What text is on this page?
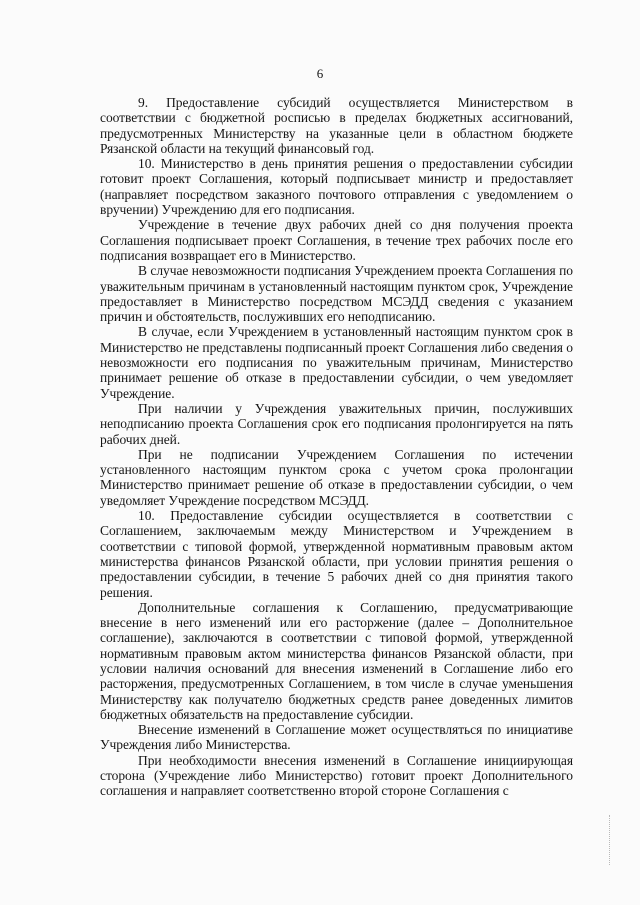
6

9. Предоставление субсидий осуществляется Министерством в соответствии с бюджетной росписью в пределах бюджетных ассигнований, предусмотренных Министерству на указанные цели в областном бюджете Рязанской области на текущий финансовый год.

10. Министерство в день принятия решения о предоставлении субсидии готовит проект Соглашения, который подписывает министр и предоставляет (направляет посредством заказного почтового отправления с уведомлением о вручении) Учреждению для его подписания.

Учреждение в течение двух рабочих дней со дня получения проекта Соглашения подписывает проект Соглашения, в течение трех рабочих после его подписания возвращает его в Министерство.

В случае невозможности подписания Учреждением проекта Соглашения по уважительным причинам в установленный настоящим пунктом срок, Учреждение предоставляет в Министерство посредством МСЭДД сведения с указанием причин и обстоятельств, послуживших его неподписанию.

В случае, если Учреждением в установленный настоящим пунктом срок в Министерство не представлены подписанный проект Соглашения либо сведения о невозможности его подписания по уважительным причинам, Министерство принимает решение об отказе в предоставлении субсидии, о чем уведомляет Учреждение.

При наличии у Учреждения уважительных причин, послуживших неподписанию проекта Соглашения срок его подписания пролонгируется на пять рабочих дней.

При не подписании Учреждением Соглашения по истечении установленного настоящим пунктом срока с учетом срока пролонгации Министерство принимает решение об отказе в предоставлении субсидии, о чем уведомляет Учреждение посредством МСЭДД.

10. Предоставление субсидии осуществляется в соответствии с Соглашением, заключаемым между Министерством и Учреждением в соответствии с типовой формой, утвержденной нормативным правовым актом министерства финансов Рязанской области, при условии принятия решения о предоставлении субсидии, в течение 5 рабочих дней со дня принятия такого решения.

Дополнительные соглашения к Соглашению, предусматривающие внесение в него изменений или его расторжение (далее – Дополнительное соглашение), заключаются в соответствии с типовой формой, утвержденной нормативным правовым актом министерства финансов Рязанской области, при условии наличия оснований для внесения изменений в Соглашение либо его расторжения, предусмотренных Соглашением, в том числе в случае уменьшения Министерству как получателю бюджетных средств ранее доведенных лимитов бюджетных обязательств на предоставление субсидии.

Внесение изменений в Соглашение может осуществляться по инициативе Учреждения либо Министерства.

При необходимости внесения изменений в Соглашение инициирующая сторона (Учреждение либо Министерство) готовит проект Дополнительного соглашения и направляет соответственно второй стороне Соглашения с
